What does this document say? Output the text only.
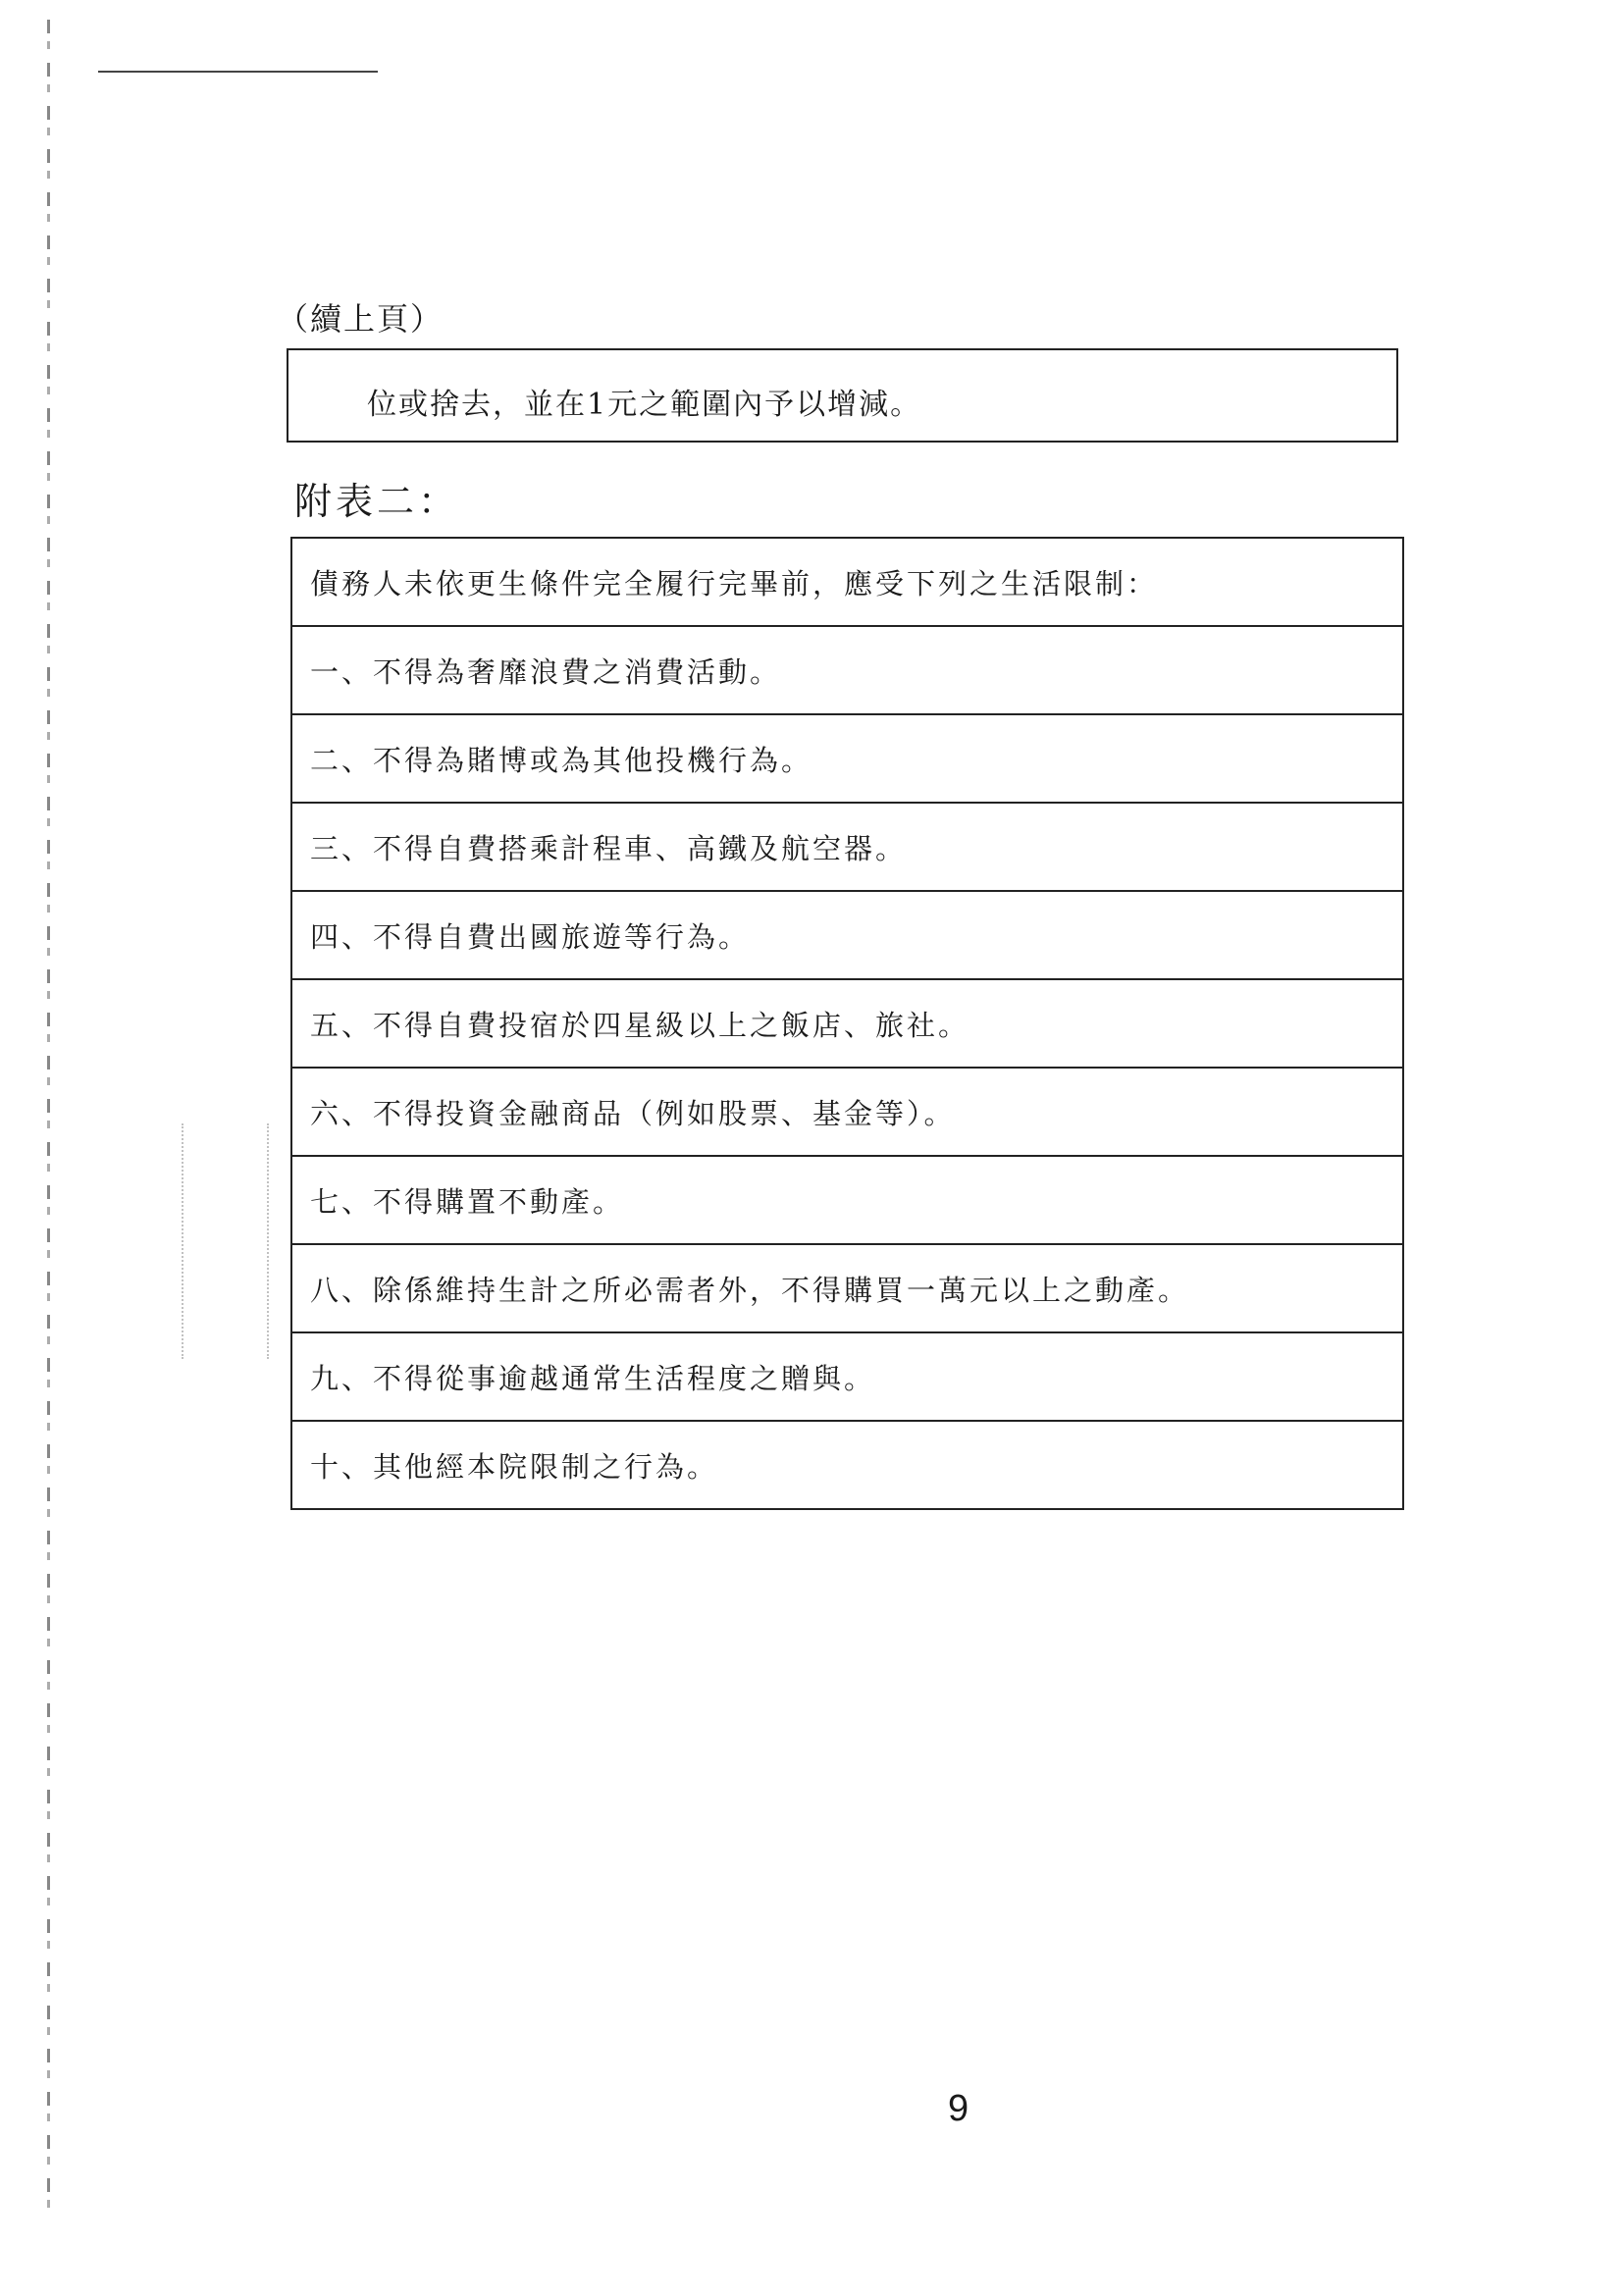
（續上頁）
位或捨去，並在1元之範圍內予以增減。
附表二：
債務人未依更生條件完全履行完畢前，應受下列之生活限制：
一、不得為奢靡浪費之消費活動。
二、不得為賭博或為其他投機行為。
三、不得自費搭乘計程車、高鐵及航空器。
四、不得自費出國旅遊等行為。
五、不得自費投宿於四星級以上之飯店、旅社。
六、不得投資金融商品（例如股票、基金等）。
七、不得購置不動產。
八、除係維持生計之所必需者外，不得購買一萬元以上之動產。
九、不得從事逾越通常生活程度之贈與。
十、其他經本院限制之行為。
9
